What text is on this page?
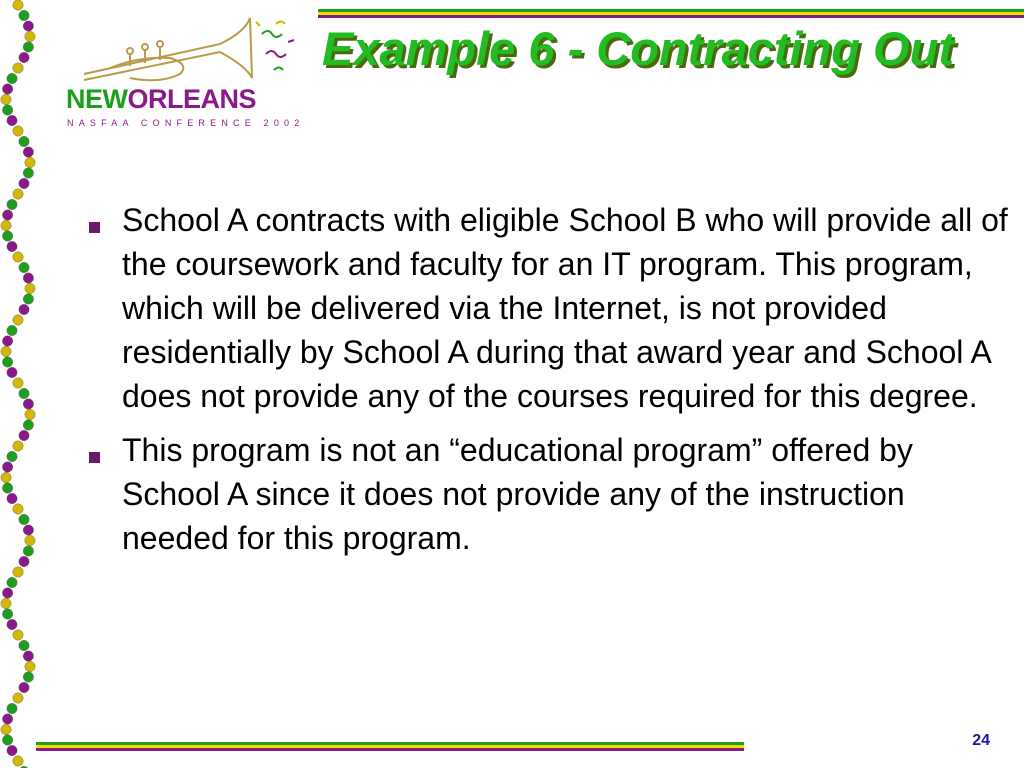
NEWORLEANS
NASFAA CONFERENCE 2002
Example 6 - Contracting Out
School A contracts with eligible School B who will provide all of the coursework and faculty for an IT program. This program, which will be delivered via the Internet, is not provided residentially by School A during that award year and School A does not provide any of the courses required for this degree.
This program is not an “educational program” offered by School A since it does not provide any of the instruction needed for this program.
24
